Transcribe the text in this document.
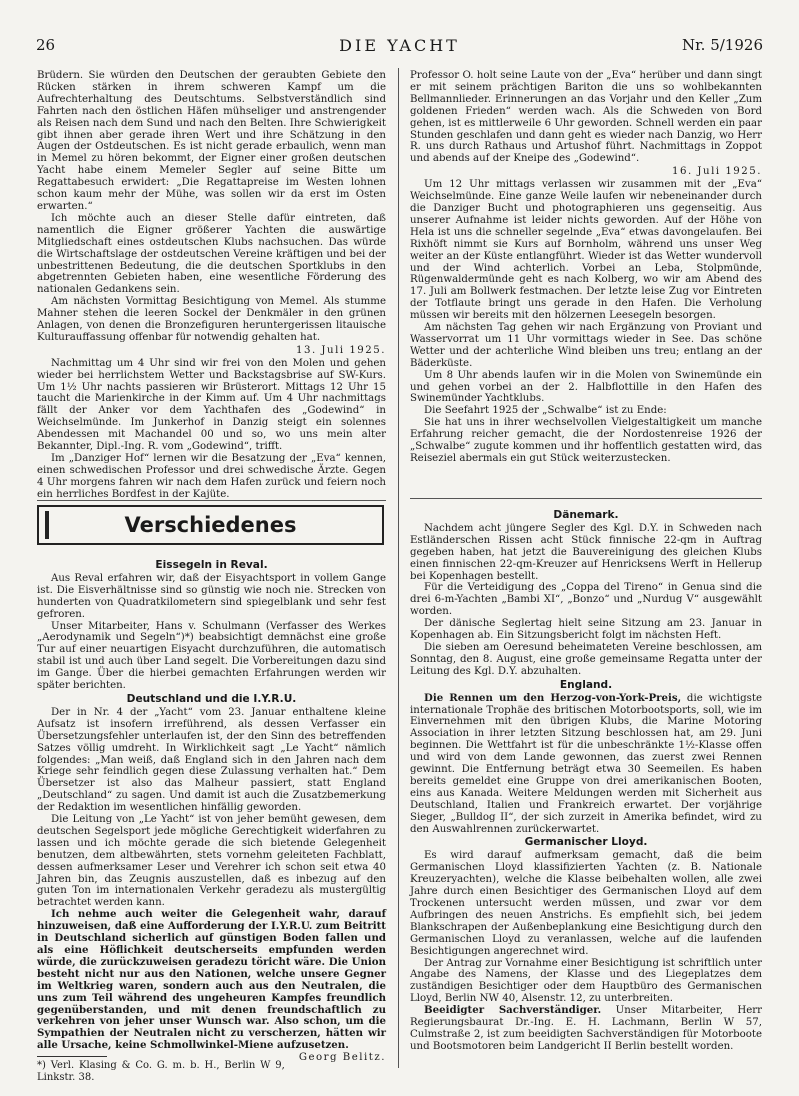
26	DIE YACHT	Nr. 5/1926

Brüdern. Sie würden den Deutschen der geraubten Gebiete den Rücken stärken in ihrem schweren Kampf um die Aufrechterhaltung des Deutschtums. Selbstverständlich sind Fahrten nach den östlichen Häfen mühseliger und anstrengender als Reisen nach dem Sund und nach den Belten. Ihre Schwierigkeit gibt ihnen aber gerade ihren Wert und ihre Schätzung in den Augen der Ostdeutschen. Es ist nicht gerade erbaulich, wenn man in Memel zu hören bekommt, der Eigner einer großen deutschen Yacht habe einem Memeler Segler auf seine Bitte um Regattabesuch erwidert: „Die Regattapreise im Westen lohnen schon kaum mehr der Mühe, was sollen wir da erst im Osten erwarten.“

Ich möchte auch an dieser Stelle dafür eintreten, daß namentlich die Eigner größerer Yachten die auswärtige Mitgliedschaft eines ostdeutschen Klubs nachsuchen. Das würde die Wirtschaftslage der ostdeutschen Vereine kräftigen und bei der unbestrittenen Bedeutung, die die deutschen Sportklubs in den abgetrennten Gebieten haben, eine wesentliche Förderung des nationalen Gedankens sein.

Am nächsten Vormittag Besichtigung von Memel. Als stumme Mahner stehen die leeren Sockel der Denkmäler in den grünen Anlagen, von denen die Bronzefiguren heruntergerissen litauische Kulturauffassung offenbar für notwendig gehalten hat.

13. Juli 1925.

Nachmittag um 4 Uhr sind wir frei von den Molen und gehen wieder bei herrlichstem Wetter und Backstagsbrise auf SW-Kurs. Um 1½ Uhr nachts passieren wir Brüsterort. Mittags 12 Uhr 15 taucht die Marienkirche in der Kimm auf. Um 4 Uhr nachmittags fällt der Anker vor dem Yachthafen des „Godewind“ in Weichselmünde. Im Junkerhof in Danzig steigt ein solennes Abendessen mit Machandel 00 und so, wo uns mein alter Bekannter, Dipl.-Ing. R. vom „Godewind“, trifft.

Im „Danziger Hof“ lernen wir die Besatzung der „Eva“ kennen, einen schwedischen Professor und drei schwedische Ärzte. Gegen 4 Uhr morgens fahren wir nach dem Hafen zurück und feiern noch ein herrliches Bordfest in der Kajüte.

Professor O. holt seine Laute von der „Eva“ herüber und dann singt er mit seinem prächtigen Bariton die uns so wohlbekannten Bellmannlieder. Erinnerungen an das Vorjahr und den Keller „Zum goldenen Frieden“ werden wach. Als die Schweden von Bord gehen, ist es mittlerweile 6 Uhr geworden. Schnell werden ein paar Stunden geschlafen und dann geht es wieder nach Danzig, wo Herr R. uns durch Rathaus und Artushof führt. Nachmittags in Zoppot und abends auf der Kneipe des „Godewind“.

16. Juli 1925.

Um 12 Uhr mittags verlassen wir zusammen mit der „Eva“ Weichselmünde. Eine ganze Weile laufen wir nebeneinander durch die Danziger Bucht und photographieren uns gegenseitig. Aus unserer Aufnahme ist leider nichts geworden. Auf der Höhe von Hela ist uns die schneller segelnde „Eva“ etwas davongelaufen. Bei Rixhöft nimmt sie Kurs auf Bornholm, während uns unser Weg weiter an der Küste entlangführt. Wieder ist das Wetter wundervoll und der Wind achterlich. Vorbei an Leba, Stolpmünde, Rügenwaldermünde geht es nach Kolberg, wo wir am Abend des 17. Juli am Bollwerk festmachen. Der letzte leise Zug vor Eintreten der Totflaute bringt uns gerade in den Hafen. Die Verholung müssen wir bereits mit den hölzernen Leesegeln besorgen.

Am nächsten Tag gehen wir nach Ergänzung von Proviant und Wasservorrat um 11 Uhr vormittags wieder in See. Das schöne Wetter und der achterliche Wind bleiben uns treu; entlang an der Bäderküste.

Um 8 Uhr abends laufen wir in die Molen von Swinemünde ein und gehen vorbei an der 2. Halbflottille in den Hafen des Swinemünder Yachtklubs.

Die Seefahrt 1925 der „Schwalbe“ ist zu Ende:

Sie hat uns in ihrer wechselvollen Vielgestaltigkeit um manche Erfahrung reicher gemacht, die der Nordostenreise 1926 der „Schwalbe“ zugute kommen und ihr hoffentlich gestatten wird, das Reiseziel abermals ein gut Stück weiterzustecken.

Verschiedenes
Eissegeln in Reval.

Aus Reval erfahren wir, daß der Eisyachtsport in vollem Gange ist. Die Eisverhältnisse sind so günstig wie noch nie. Strecken von hunderten von Quadratkilometern sind spiegelblank und sehr fest gefroren.

Unser Mitarbeiter, Hans v. Schulmann (Verfasser des Werkes „Aerodynamik und Segeln“)*) beabsichtigt demnächst eine große Tur auf einer neuartigen Eisyacht durchzuführen, die automatisch stabil ist und auch über Land segelt. Die Vorbereitungen dazu sind im Gange. Über die hierbei gemachten Erfahrungen werden wir später berichten.

Deutschland und die I.Y.R.U.

Der in Nr. 4 der „Yacht“ vom 23. Januar enthaltene kleine Aufsatz ist insofern irreführend, als dessen Verfasser ein Übersetzungsfehler unterlaufen ist, der den Sinn des betreffenden Satzes völlig umdreht. In Wirklichkeit sagt „Le Yacht“ nämlich folgendes: „Man weiß, daß England sich in den Jahren nach dem Kriege sehr feindlich gegen diese Zulassung verhalten hat.“ Dem Übersetzer ist also das Malheur passiert, statt England „Deutschland“ zu sagen. Und damit ist auch die Zusatzbemerkung der Redaktion im wesentlichen hinfällig geworden.

Die Leitung von „Le Yacht“ ist von jeher bemüht gewesen, dem deutschen Segelsport jede mögliche Gerechtigkeit widerfahren zu lassen und ich möchte gerade die sich bietende Gelegenheit benutzen, dem altbewährten, stets vornehm geleiteten Fachblatt, dessen aufmerksamer Leser und Verehrer ich schon seit etwa 40 Jahren bin, das Zeugnis auszustellen, daß es inbezug auf den guten Ton im internationalen Verkehr geradezu als mustergültig betrachtet werden kann.

Ich nehme auch weiter die Gelegenheit wahr, darauf hinzuweisen, daß eine Aufforderung der I.Y.R.U. zum Beitritt in Deutschland sicherlich auf günstigen Boden fallen und als eine Höflichkeit deutscherseits empfunden werden würde, die zurückzuweisen geradezu töricht wäre. Die Union besteht nicht nur aus den Nationen, welche unsere Gegner im Weltkrieg waren, sondern auch aus den Neutralen, die uns zum Teil während des ungeheuren Kampfes freundlich gegenüberstanden, und mit denen freundschaftlich zu verkehren von jeher unser Wunsch war. Also schon, um die Sympathien der Neutralen nicht zu verscherzen, hätten wir alle Ursache, keine Schmollwinkel-Miene aufzusetzen.
Georg Belitz.

*) Verl. Klasing & Co. G. m. b. H., Berlin W 9, Linkstr. 38.

Dänemark.

Nachdem acht jüngere Segler des Kgl. D.Y. in Schweden nach Estländerschen Rissen acht Stück finnische 22-qm in Auftrag gegeben haben, hat jetzt die Bauvereinigung des gleichen Klubs einen finnischen 22-qm-Kreuzer auf Henricksens Werft in Hellerup bei Kopenhagen bestellt.

Für die Verteidigung des „Coppa del Tireno“ in Genua sind die drei 6-m-Yachten „Bambi XI“, „Bonzo“ und „Nurdug V“ ausgewählt worden.

Der dänische Seglertag hielt seine Sitzung am 23. Januar in Kopenhagen ab. Ein Sitzungsbericht folgt im nächsten Heft.

Die sieben am Oeresund beheimateten Vereine beschlossen, am Sonntag, den 8. August, eine große gemeinsame Regatta unter der Leitung des Kgl. D.Y. abzuhalten.

England.

Die Rennen um den Herzog-von-York-Preis, die wichtigste internationale Trophäe des britischen Motorbootsports, soll, wie im Einvernehmen mit den übrigen Klubs, die Marine Motoring Association in ihrer letzten Sitzung beschlossen hat, am 29. Juni beginnen. Die Wettfahrt ist für die unbeschränkte 1½-Klasse offen und wird von dem Lande gewonnen, das zuerst zwei Rennen gewinnt. Die Entfernung beträgt etwa 30 Seemeilen. Es haben bereits gemeldet eine Gruppe von drei amerikanischen Booten, eins aus Kanada. Weitere Meldungen werden mit Sicherheit aus Deutschland, Italien und Frankreich erwartet. Der vorjährige Sieger, „Bulldog II“, der sich zurzeit in Amerika befindet, wird zu den Auswahlrennen zurückerwartet.

Germanischer Lloyd.

Es wird darauf aufmerksam gemacht, daß die beim Germanischen Lloyd klassifizierten Yachten (z. B. Nationale Kreuzeryachten), welche die Klasse beibehalten wollen, alle zwei Jahre durch einen Besichtiger des Germanischen Lloyd auf dem Trockenen untersucht werden müssen, und zwar vor dem Aufbringen des neuen Anstrichs. Es empfiehlt sich, bei jedem Blankschrapen der Außenbeplankung eine Besichtigung durch den Germanischen Lloyd zu veranlassen, welche auf die laufenden Besichtigungen angerechnet wird.

Der Antrag zur Vornahme einer Besichtigung ist schriftlich unter Angabe des Namens, der Klasse und des Liegeplatzes dem zuständigen Besichtiger oder dem Hauptbüro des Germanischen Lloyd, Berlin NW 40, Alsenstr. 12, zu unterbreiten.

Beeidigter Sachverständiger. Unser Mitarbeiter, Herr Regierungsbaurat Dr.-Ing. E. H. Lachmann, Berlin W 57, Culmstraße 2, ist zum beeidigten Sachverständigen für Motorboote und Bootsmotoren beim Landgericht II Berlin bestellt worden.
